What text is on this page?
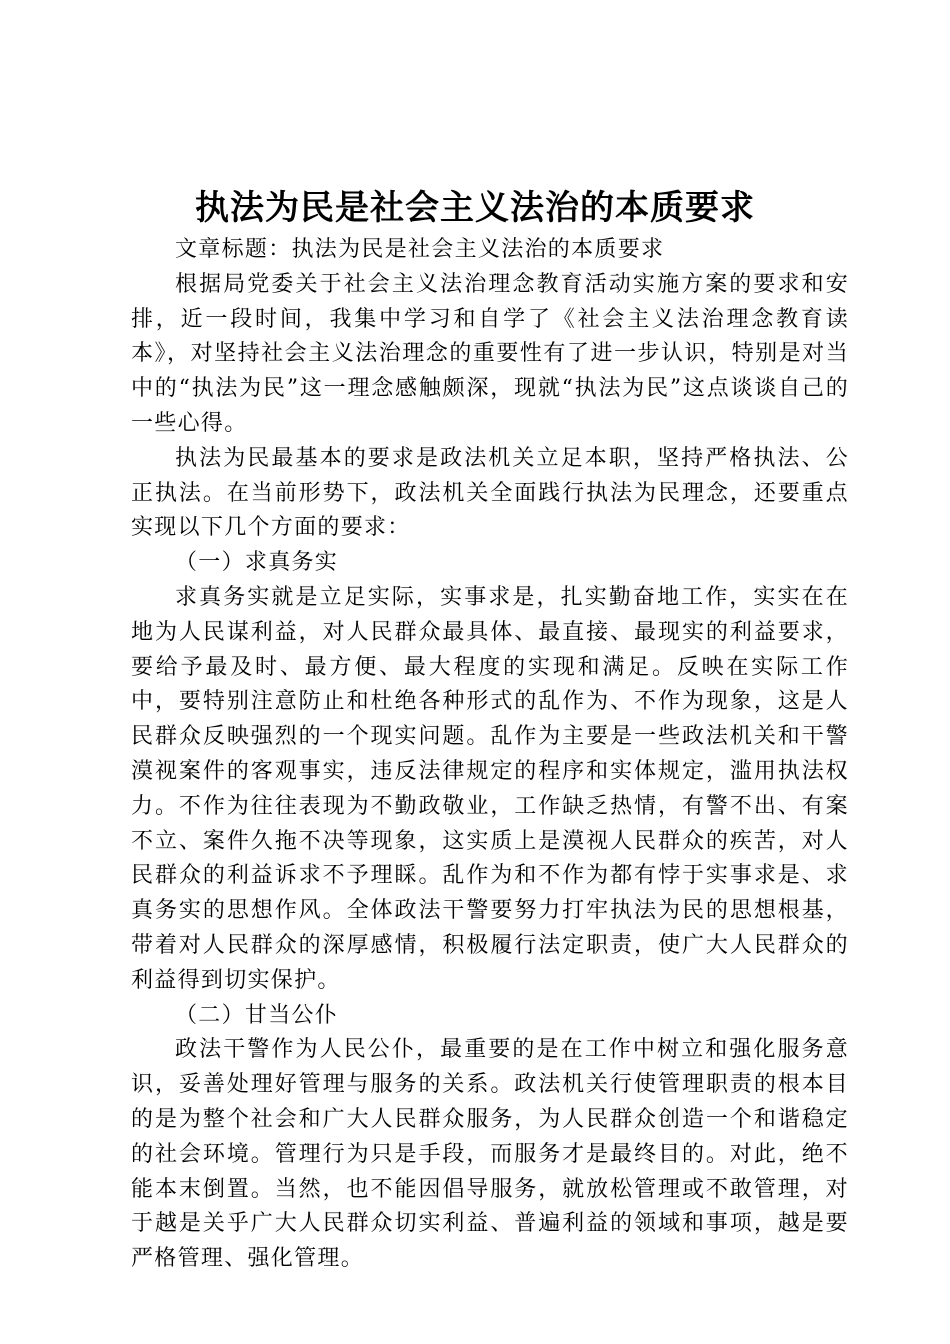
执法为民是社会主义法治的本质要求

文章标题：执法为民是社会主义法治的本质要求

根据局党委关于社会主义法治理念教育活动实施方案的要求和安排，近一段时间，我集中学习和自学了《社会主义法治理念教育读本》，对坚持社会主义法治理念的重要性有了进一步认识，特别是对当中的“执法为民”这一理念感触颇深，现就“执法为民”这点谈谈自己的一些心得。

执法为民最基本的要求是政法机关立足本职，坚持严格执法、公正执法。在当前形势下，政法机关全面践行执法为民理念，还要重点实现以下几个方面的要求：

（一）求真务实

求真务实就是立足实际，实事求是，扎实勤奋地工作，实实在在地为人民谋利益，对人民群众最具体、最直接、最现实的利益要求，要给予最及时、最方便、最大程度的实现和满足。反映在实际工作中，要特别注意防止和杜绝各种形式的乱作为、不作为现象，这是人民群众反映强烈的一个现实问题。乱作为主要是一些政法机关和干警漠视案件的客观事实，违反法律规定的程序和实体规定，滥用执法权力。不作为往往表现为不勤政敬业，工作缺乏热情，有警不出、有案不立、案件久拖不决等现象，这实质上是漠视人民群众的疾苦，对人民群众的利益诉求不予理睬。乱作为和不作为都有悖于实事求是、求真务实的思想作风。全体政法干警要努力打牢执法为民的思想根基，带着对人民群众的深厚感情，积极履行法定职责，使广大人民群众的利益得到切实保护。

（二）甘当公仆

政法干警作为人民公仆，最重要的是在工作中树立和强化服务意识，妥善处理好管理与服务的关系。政法机关行使管理职责的根本目的是为整个社会和广大人民群众服务，为人民群众创造一个和谐稳定的社会环境。管理行为只是手段，而服务才是最终目的。对此，绝不能本末倒置。当然，也不能因倡导服务，就放松管理或不敢管理，对于越是关乎广大人民群众切实利益、普遍利益的领域和事项，越是要严格管理、强化管理。
